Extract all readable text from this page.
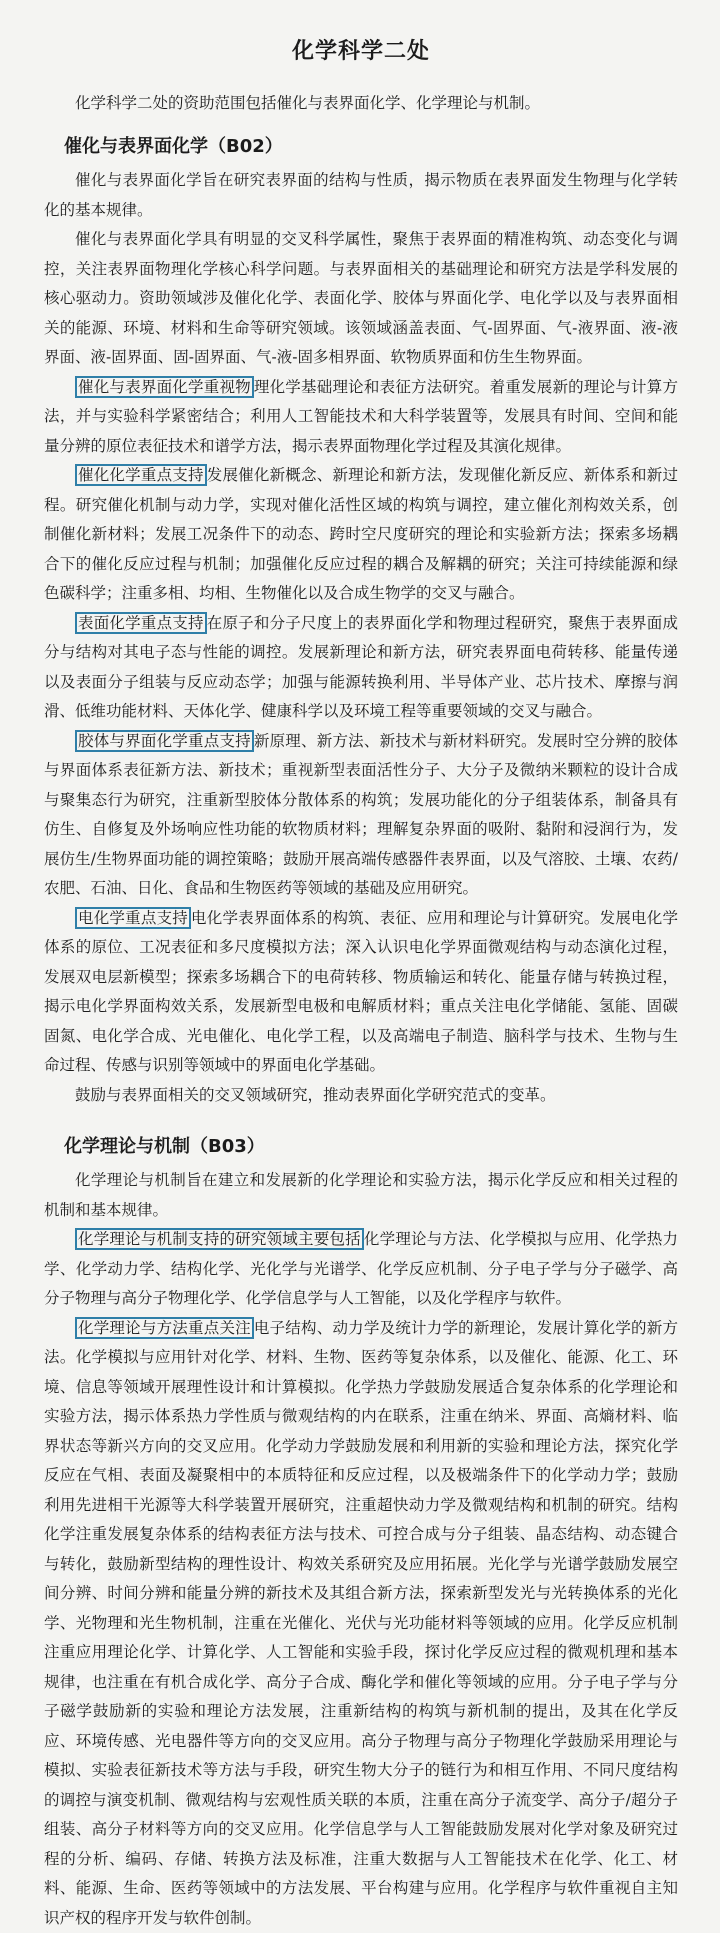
化学科学二处

化学科学二处的资助范围包括催化与表界面化学、化学理论与机制。

催化与表界面化学（B02）

催化与表界面化学旨在研究表界面的结构与性质，揭示物质在表界面发生物理与化学转化的基本规律。

催化与表界面化学具有明显的交叉科学属性，聚焦于表界面的精准构筑、动态变化与调控，关注表界面物理化学核心科学问题。与表界面相关的基础理论和研究方法是学科发展的核心驱动力。资助领域涉及催化化学、表面化学、胶体与界面化学、电化学以及与表界面相关的能源、环境、材料和生命等研究领域。该领域涵盖表面、气-固界面、气-液界面、液-液界面、液-固界面、固-固界面、气-液-固多相界面、软物质界面和仿生生物界面。

催化与表界面化学重视物 理化学基础理论和表征方法研究。着重发展新的理论与计算方法，并与实验科学紧密结合；利用人工智能技术和大科学装置等，发展具有时间、空间和能量分辨的原位表征技术和谱学方法，揭示表界面物理化学过程及其演化规律。

催化化学重点支持 发展催化新概念、新理论和新方法，发现催化新反应、新体系和新过程。研究催化机制与动力学，实现对催化活性区域的构筑与调控，建立催化剂构效关系，创制催化新材料；发展工况条件下的动态、跨时空尺度研究的理论和实验新方法；探索多场耦合下的催化反应过程与机制；加强催化反应过程的耦合及解耦的研究；关注可持续能源和绿色碳科学；注重多相、均相、生物催化以及合成生物学的交叉与融合。

表面化学重点支持 在原子和分子尺度上的表界面化学和物理过程研究，聚焦于表界面成分与结构对其电子态与性能的调控。发展新理论和新方法，研究表界面电荷转移、能量传递以及表面分子组装与反应动态学；加强与能源转换利用、半导体产业、芯片技术、摩擦与润滑、低维功能材料、天体化学、健康科学以及环境工程等重要领域的交叉与融合。

胶体与界面化学重点支持 新原理、新方法、新技术与新材料研究。发展时空分辨的胶体与界面体系表征新方法、新技术；重视新型表面活性分子、大分子及微纳米颗粒的设计合成与聚集态行为研究，注重新型胶体分散体系的构筑；发展功能化的分子组装体系，制备具有仿生、自修复及外场响应性功能的软物质材料；理解复杂界面的吸附、黏附和浸润行为，发展仿生/生物界面功能的调控策略；鼓励开展高端传感器件表界面，以及气溶胶、土壤、农药/农肥、石油、日化、食品和生物医药等领域的基础及应用研究。

电化学重点支持 电化学表界面体系的构筑、表征、应用和理论与计算研究。发展电化学体系的原位、工况表征和多尺度模拟方法；深入认识电化学界面微观结构与动态演化过程，发展双电层新模型；探索多场耦合下的电荷转移、物质输运和转化、能量存储与转换过程，揭示电化学界面构效关系，发展新型电极和电解质材料；重点关注电化学储能、氢能、固碳固氮、电化学合成、光电催化、电化学工程，以及高端电子制造、脑科学与技术、生物与生命过程、传感与识别等领域中的界面电化学基础。

鼓励与表界面相关的交叉领域研究，推动表界面化学研究范式的变革。

化学理论与机制（B03）

化学理论与机制旨在建立和发展新的化学理论和实验方法，揭示化学反应和相关过程的机制和基本规律。

化学理论与机制支持的研究领域主要包括 化学理论与方法、化学模拟与应用、化学热力学、化学动力学、结构化学、光化学与光谱学、化学反应机制、分子电子学与分子磁学、高分子物理与高分子物理化学、化学信息学与人工智能，以及化学程序与软件。

化学理论与方法重点关注 电子结构、动力学及统计力学的新理论，发展计算化学的新方法。化学模拟与应用针对化学、材料、生物、医药等复杂体系，以及催化、能源、化工、环境、信息等领域开展理性设计和计算模拟。化学热力学鼓励发展适合复杂体系的化学理论和实验方法，揭示体系热力学性质与微观结构的内在联系，注重在纳米、界面、高熵材料、临界状态等新兴方向的交叉应用。化学动力学鼓励发展和利用新的实验和理论方法，探究化学反应在气相、表面及凝聚相中的本质特征和反应过程，以及极端条件下的化学动力学；鼓励利用先进相干光源等大科学装置开展研究，注重超快动力学及微观结构和机制的研究。结构化学注重发展复杂体系的结构表征方法与技术、可控合成与分子组装、晶态结构、动态键合与转化，鼓励新型结构的理性设计、构效关系研究及应用拓展。光化学与光谱学鼓励发展空间分辨、时间分辨和能量分辨的新技术及其组合新方法，探索新型发光与光转换体系的光化学、光物理和光生物机制，注重在光催化、光伏与光功能材料等领域的应用。化学反应机制注重应用理论化学、计算化学、人工智能和实验手段，探讨化学反应过程的微观机理和基本规律，也注重在有机合成化学、高分子合成、酶化学和催化等领域的应用。分子电子学与分子磁学鼓励新的实验和理论方法发展，注重新结构的构筑与新机制的提出，及其在化学反应、环境传感、光电器件等方向的交叉应用。高分子物理与高分子物理化学鼓励采用理论与模拟、实验表征新技术等方法与手段，研究生物大分子的链行为和相互作用、不同尺度结构的调控与演变机制、微观结构与宏观性质关联的本质，注重在高分子流变学、高分子/超分子组装、高分子材料等方向的交叉应用。化学信息学与人工智能鼓励发展对化学对象及研究过程的分析、编码、存储、转换方法及标准，注重大数据与人工智能技术在化学、化工、材料、能源、生命、医药等领域中的方法发展、平台构建与应用。化学程序与软件重视自主知识产权的程序开发与软件创制。
